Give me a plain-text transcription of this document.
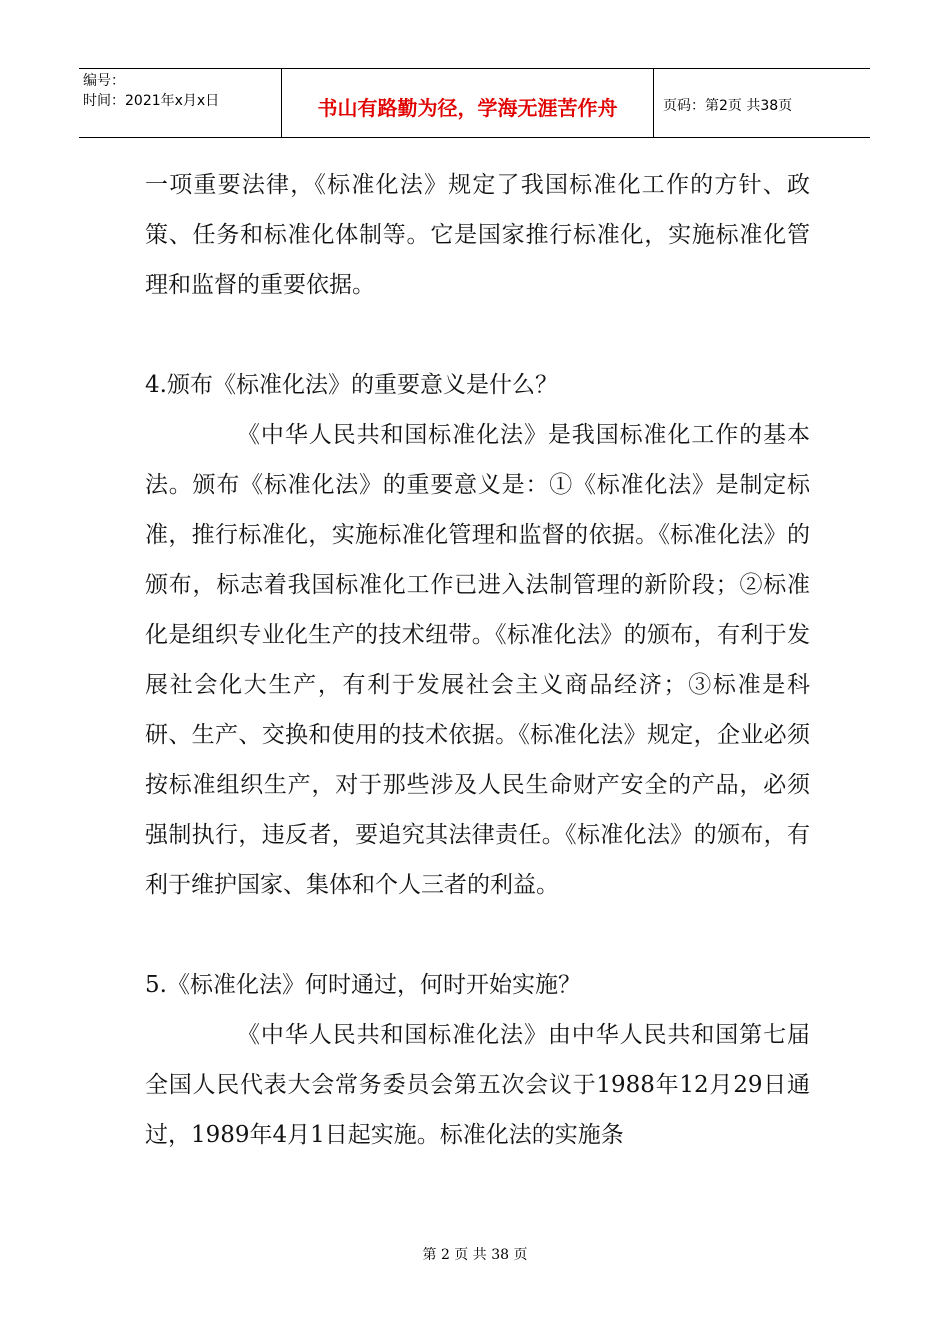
编号：
时间：2021年x月x日	书山有路勤为径，学海无涯苦作舟	页码：第2页 共38页

一项重要法律，《标准化法》规定了我国标准化工作的方针、政策、任务和标准化体制等。它是国家推行标准化，实施标准化管理和监督的重要依据。

4.颁布《标准化法》的重要意义是什么？

《中华人民共和国标准化法》是我国标准化工作的基本法。颁布《标准化法》的重要意义是：①《标准化法》是制定标准，推行标准化，实施标准化管理和监督的依据。《标准化法》的颁布，标志着我国标准化工作已进入法制管理的新阶段；②标准化是组织专业化生产的技术纽带。《标准化法》的颁布，有利于发展社会化大生产，有利于发展社会主义商品经济；③标准是科研、生产、交换和使用的技术依据。《标准化法》规定，企业必须按标准组织生产，对于那些涉及人民生命财产安全的产品，必须强制执行，违反者，要追究其法律责任。《标准化法》的颁布，有利于维护国家、集体和个人三者的利益。

5.《标准化法》何时通过，何时开始实施？

《中华人民共和国标准化法》由中华人民共和国第七届全国人民代表大会常务委员会第五次会议于1988年12月29日通过，1989年4月1日起实施。标准化法的实施条

第 2 页 共 38 页
